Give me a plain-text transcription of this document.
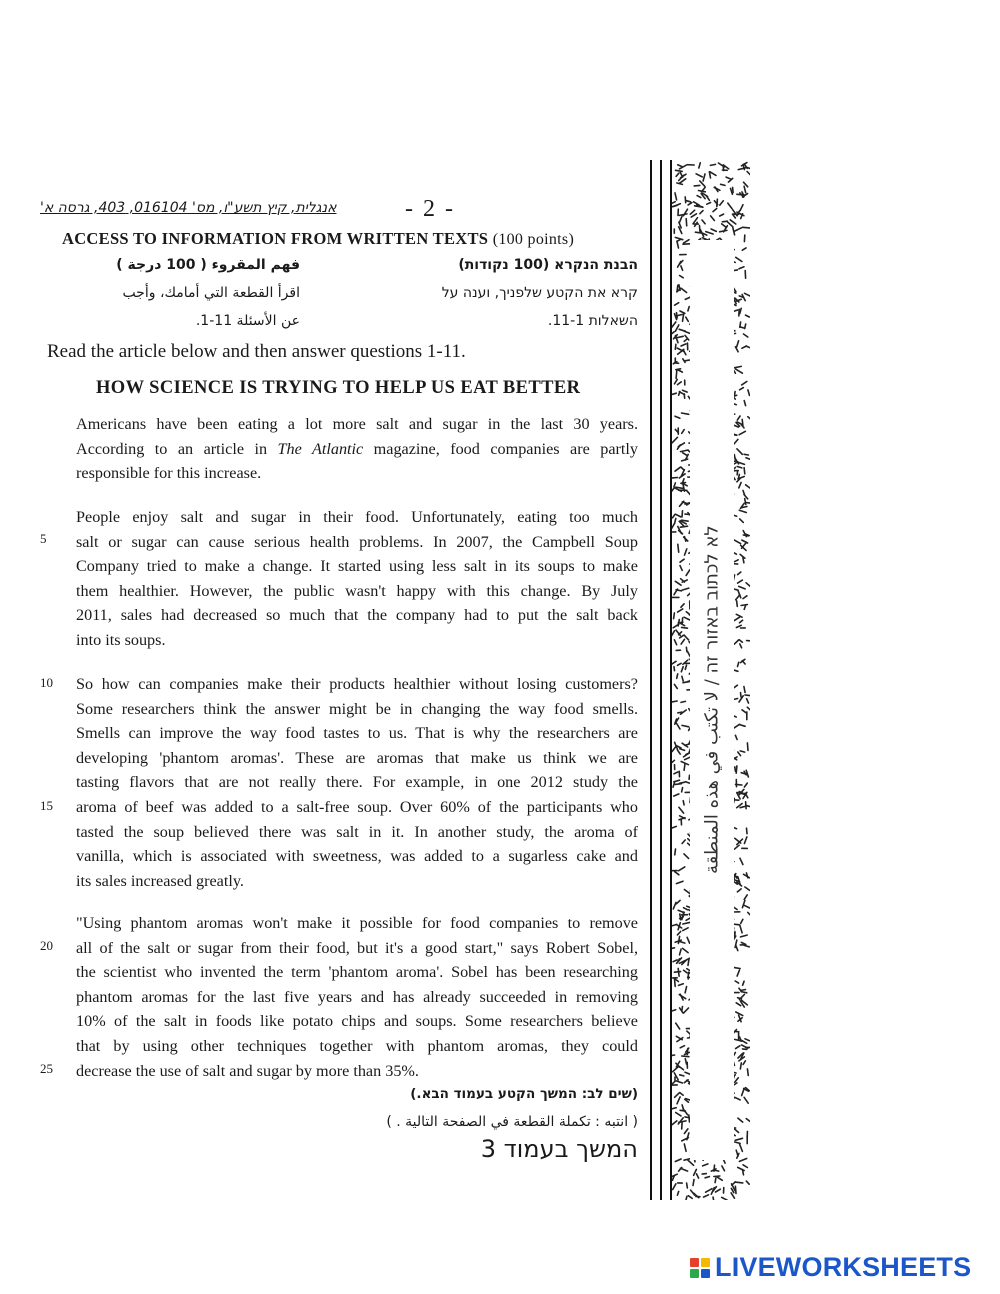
אנגלית, קיץ תשע"ו, מס' 016104, 403, גרסה א'	- 2 -
ACCESS TO INFORMATION FROM WRITTEN TEXTS (100 points)
فهم المقروء ( 100 درجة )
اقرأ القطعة التي أمامك، وأجب
عن الأسئلة 11-1.
הבנת הנקרא (100 נקודות)
קרא את הקטע שלפניך, וענה על
השאלות 11-1.
Read the article below and then answer questions 1-11.
HOW SCIENCE IS TRYING TO HELP US EAT BETTER
Americans have been eating a lot more salt and sugar in the last 30 years.
According to an article in The Atlantic magazine, food companies are partly
responsible for this increase.
People enjoy salt and sugar in their food. Unfortunately, eating too much
salt or sugar can cause serious health problems. In 2007, the Campbell Soup
Company tried to make a change. It started using less salt in its soups to make
them healthier. However, the public wasn't happy with this change. By July
2011, sales had decreased so much that the company had to put the salt back
into its soups.
So how can companies make their products healthier without losing customers?
Some researchers think the answer might be in changing the way food smells.
Smells can improve the way food tastes to us. That is why the researchers are
developing 'phantom aromas'. These are aromas that make us think we are
tasting flavors that are not really there. For example, in one 2012 study the
aroma of beef was added to a salt-free soup. Over 60% of the participants who
tasted the soup believed there was salt in it. In another study, the aroma of
vanilla, which is associated with sweetness, was added to a sugarless cake and
its sales increased greatly.
"Using phantom aromas won't make it possible for food companies to remove
all of the salt or sugar from their food, but it's a good start," says Robert Sobel,
the scientist who invented the term 'phantom aroma'. Sobel has been researching
phantom aromas for the last five years and has already succeeded in removing
10% of the salt in foods like potato chips and soups. Some researchers believe
that by using other techniques together with phantom aromas, they could
decrease the use of salt and sugar by more than 35%.
5
10
15
20
25
(שים לב: המשך הקטע בעמוד הבא.)
( انتبه : تكملة القطعة في الصفحة التالية . )
המשך בעמוד 3
לא לכתוב באזור זה / لا تكتب في هذه المنطقة
LIVEWORKSHEETS
